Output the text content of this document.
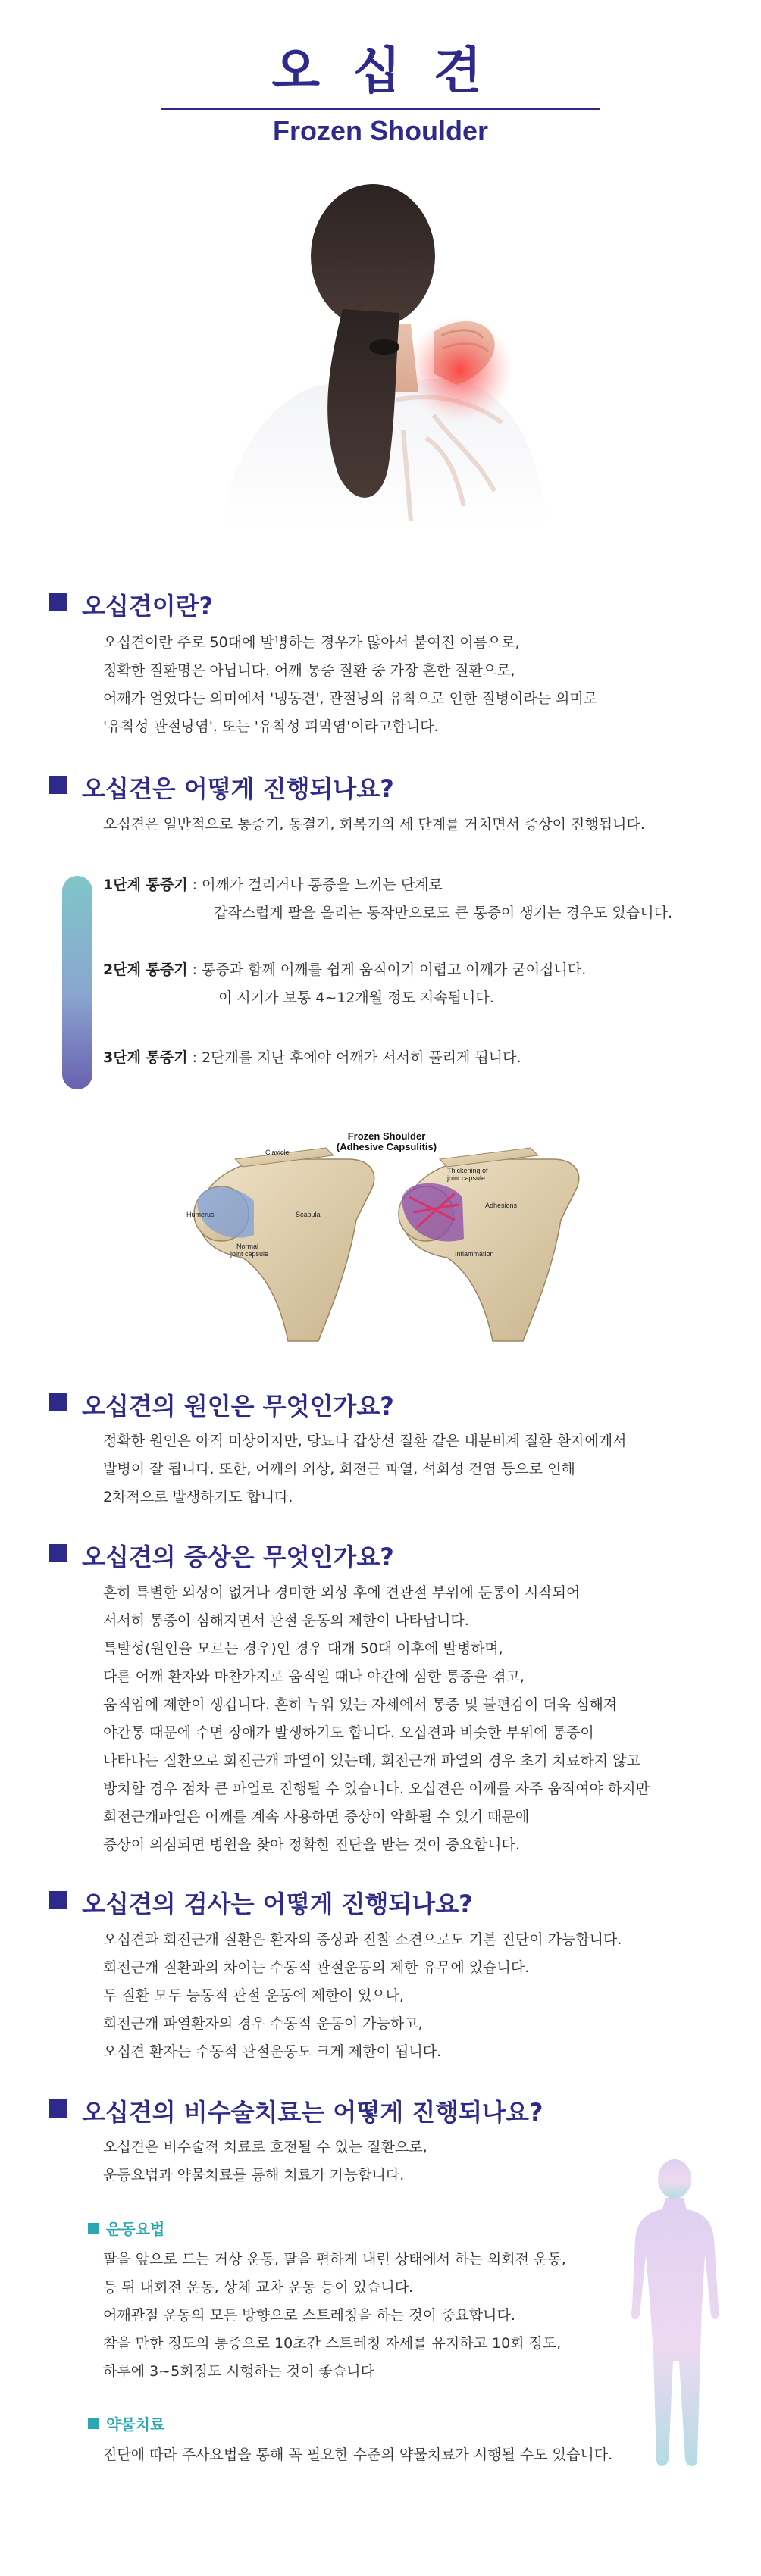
오 십 견
Frozen Shoulder
오십견이란?

오십견이란 주로 50대에 발병하는 경우가 많아서 붙여진 이름으로,

정확한 질환명은 아닙니다. 어깨 통증 질환 중 가장 흔한 질환으로,

어깨가 얼었다는 의미에서 '냉동견', 관절낭의 유착으로 인한 질병이라는 의미로

'유착성 관절낭염'. 또는 '유착성 피막염'이라고합니다.

오십견은 어떻게 진행되나요?

오십견은 일반적으로 통증기, 동결기, 회복기의 세 단계를 거치면서 증상이 진행됩니다.

1단계 통증기 : 어깨가 걸리거나 통증을 느끼는 단계로
갑작스럽게 팔을 올리는 동작만으로도 큰 통증이 생기는 경우도 있습니다.
2단계 통증기 : 통증과 함께 어깨를 쉽게 움직이기 어렵고 어깨가 굳어집니다.
이 시기가 보통 4~12개월 정도 지속됩니다.
3단계 통증기 : 2단계를 지난 후에야 어깨가 서서히 풀리게 됩니다.
Frozen Shoulder
(Adhesive Capsulitis)
Clavicle
Humerus
Normal
joint capsule
Scapula
Thickening of
joint capsule
Adhesions
Inflammation
오십견의 원인은 무엇인가요?

정확한 원인은 아직 미상이지만, 당뇨나 갑상선 질환 같은 내분비계 질환 환자에게서

발병이 잘 됩니다. 또한, 어깨의 외상, 회전근 파열, 석회성 건염 등으로 인해

2차적으로 발생하기도 합니다.

오십견의 증상은 무엇인가요?

흔히 특별한 외상이 없거나 경미한 외상 후에 견관절 부위에 둔통이 시작되어

서서히 통증이 심해지면서 관절 운동의 제한이 나타납니다.

특발성(원인을 모르는 경우)인 경우 대개 50대 이후에 발병하며,

다른 어깨 환자와 마찬가지로 움직일 때나 야간에 심한 통증을 겪고,

움직임에 제한이 생깁니다. 흔히 누워 있는 자세에서 통증 및 불편감이 더욱 심해져

야간통 때문에 수면 장애가 발생하기도 합니다. 오십견과 비슷한 부위에 통증이

나타나는 질환으로 회전근개 파열이 있는데, 회전근개 파열의 경우 초기 치료하지 않고

방치할 경우 점차 큰 파열로 진행될 수 있습니다. 오십견은 어깨를 자주 움직여야 하지만

회전근개파열은 어깨를 계속 사용하면 증상이 악화될 수 있기 때문에

증상이 의심되면 병원을 찾아 정확한 진단을 받는 것이 중요합니다.

오십견의 검사는 어떻게 진행되나요?

오십견과 회전근개 질환은 환자의 증상과 진찰 소견으로도 기본 진단이 가능합니다.

회전근개 질환과의 차이는 수동적 관절운동의 제한 유무에 있습니다.

두 질환 모두 능동적 관절 운동에 제한이 있으나,

회전근개 파열환자의 경우 수동적 운동이 가능하고,

오십견 환자는 수동적 관절운동도 크게 제한이 됩니다.

오십견의 비수술치료는 어떻게 진행되나요?

오십견은 비수술적 치료로 호전될 수 있는 질환으로,

운동요법과 약물치료를 통해 치료가 가능합니다.

운동요법

팔을 앞으로 드는 거상 운동, 팔을 편하게 내린 상태에서 하는 외회전 운동,

등 뒤 내회전 운동, 상체 교차 운동 등이 있습니다.

어깨관절 운동의 모든 방향으로 스트레칭을 하는 것이 중요합니다.

참을 만한 정도의 통증으로 10초간 스트레칭 자세를 유지하고 10회 정도,

하루에 3~5회정도 시행하는 것이 좋습니다

약물치료

진단에 따라 주사요법을 통해 꼭 필요한 수준의 약물치료가 시행될 수도 있습니다.
